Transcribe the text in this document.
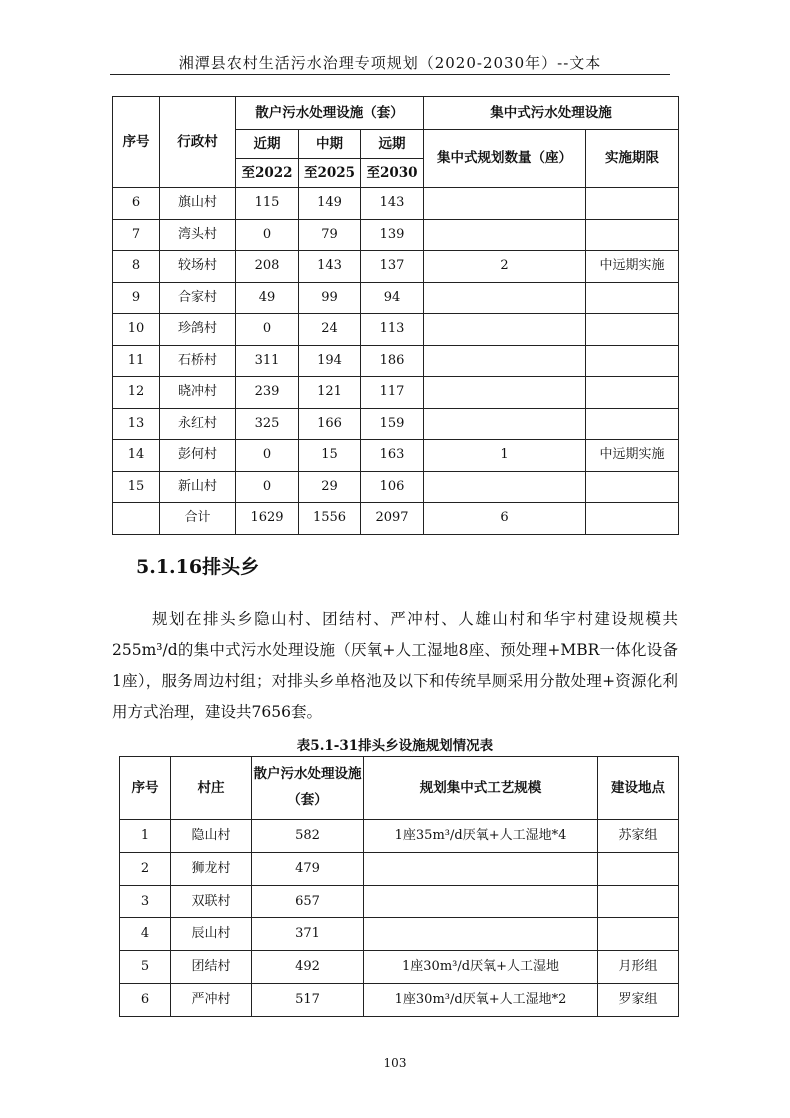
湘潭县农村生活污水治理专项规划（2020-2030年）--文本
序号	行政村	散户污水处理设施（套）			集中式污水处理设施	
		近期	中期	远期	集中式规划数量（座）	实施期限
		至2022	至2025	至2030		
6	旗山村	115	149	143		
7	湾头村	0	79	139		
8	较场村	208	143	137	2	中远期实施
9	合家村	49	99	94		
10	珍鸽村	0	24	113		
11	石桥村	311	194	186		
12	晓冲村	239	121	117		
13	永红村	325	166	159		
14	彭何村	0	15	163	1	中远期实施
15	新山村	0	29	106		
	合计	1629	1556	2097	6	
5.1.16排头乡

规划在排头乡隐山村、团结村、严冲村、人雄山村和华宇村建设规模共255m³/d的集中式污水处理设施（厌氧+人工湿地8座、预处理+MBR一体化设备1座），服务周边村组；对排头乡单格池及以下和传统旱厕采用分散处理+资源化利用方式治理，建设共7656套。

表5.1-31排头乡设施规划情况表
序号	村庄	散户污水处理设施（套）	规划集中式工艺规模	建设地点
1	隐山村	582	1座35m³/d厌氧+人工湿地*4	苏家组
2	狮龙村	479		
3	双联村	657		
4	辰山村	371		
5	团结村	492	1座30m³/d厌氧+人工湿地	月形组
6	严冲村	517	1座30m³/d厌氧+人工湿地*2	罗家组
103
